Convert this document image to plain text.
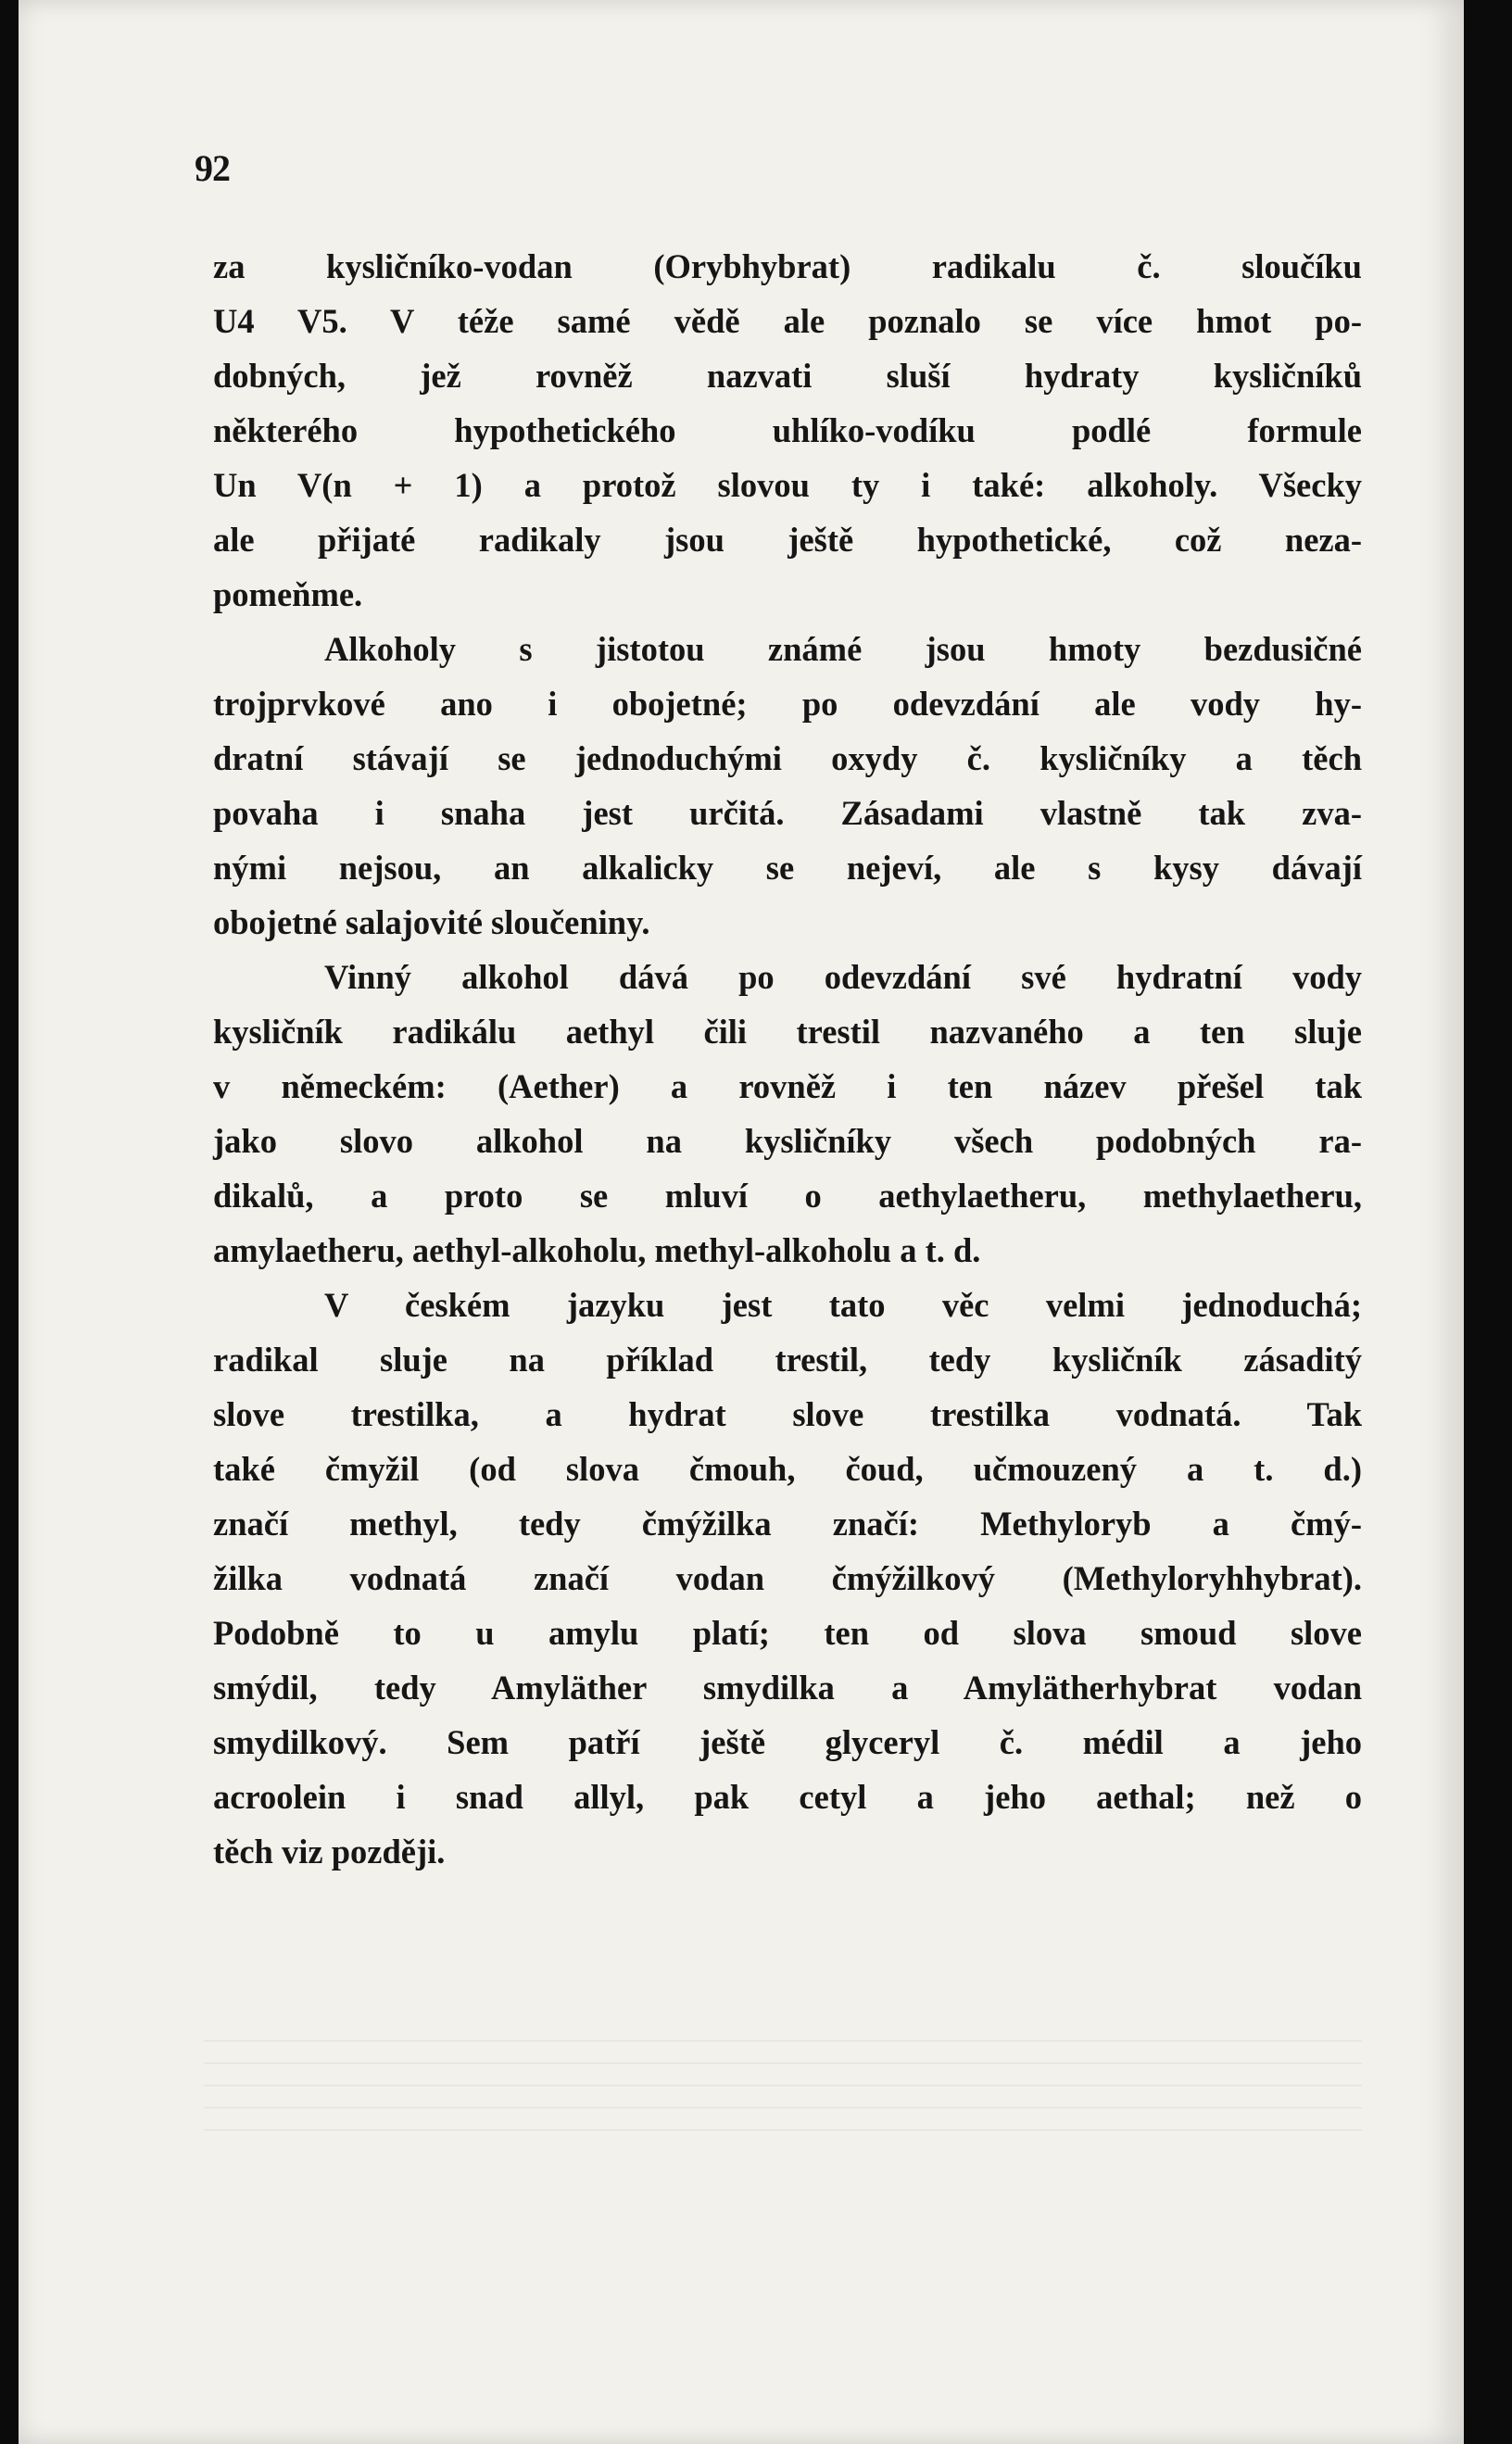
92
za kysličníko-vodan (Orybhybrat) radikalu č. sloučíku
U4 V5. V téže samé vědě ale poznalo se více hmot po-
dobných, jež rovněž nazvati sluší hydraty kysličníků
některého hypothetického uhlíko-vodíku podlé formule
Un V(n + 1) a protož slovou ty i také: alkoholy. Všecky
ale přijaté radikaly jsou ještě hypothetické, což neza-
pomeňme.
Alkoholy s jistotou známé jsou hmoty bezdusičné
trojprvkové ano i obojetné; po odevzdání ale vody hy-
dratní stávají se jednoduchými oxydy č. kysličníky a těch
povaha i snaha jest určitá. Zásadami vlastně tak zva-
nými nejsou, an alkalicky se nejeví, ale s kysy dávají
obojetné salajovité sloučeniny.
Vinný alkohol dává po odevzdání své hydratní vody
kysličník radikálu aethyl čili trestil nazvaného a ten sluje
v německém: (Aether) a rovněž i ten název přešel tak
jako slovo alkohol na kysličníky všech podobných ra-
dikalů, a proto se mluví o aethylaetheru, methylaetheru,
amylaetheru, aethyl-alkoholu, methyl-alkoholu a t. d.
V českém jazyku jest tato věc velmi jednoduchá;
radikal sluje na příklad trestil, tedy kysličník zásaditý
slove trestilka, a hydrat slove trestilka vodnatá. Tak
také čmyžil (od slova čmouh, čoud, učmouzený a t. d.)
značí methyl, tedy čmýžilka značí: Methyloryb a čmý-
žilka vodnatá značí vodan čmýžilkový (Methyloryhhybrat).
Podobně to u amylu platí; ten od slova smoud slove
smýdil, tedy Amyläther smydilka a Amylätherhybrat vodan
smydilkový. Sem patří ještě glyceryl č. médil a jeho
acroolein i snad allyl, pak cetyl a jeho aethal; než o
těch viz později.
